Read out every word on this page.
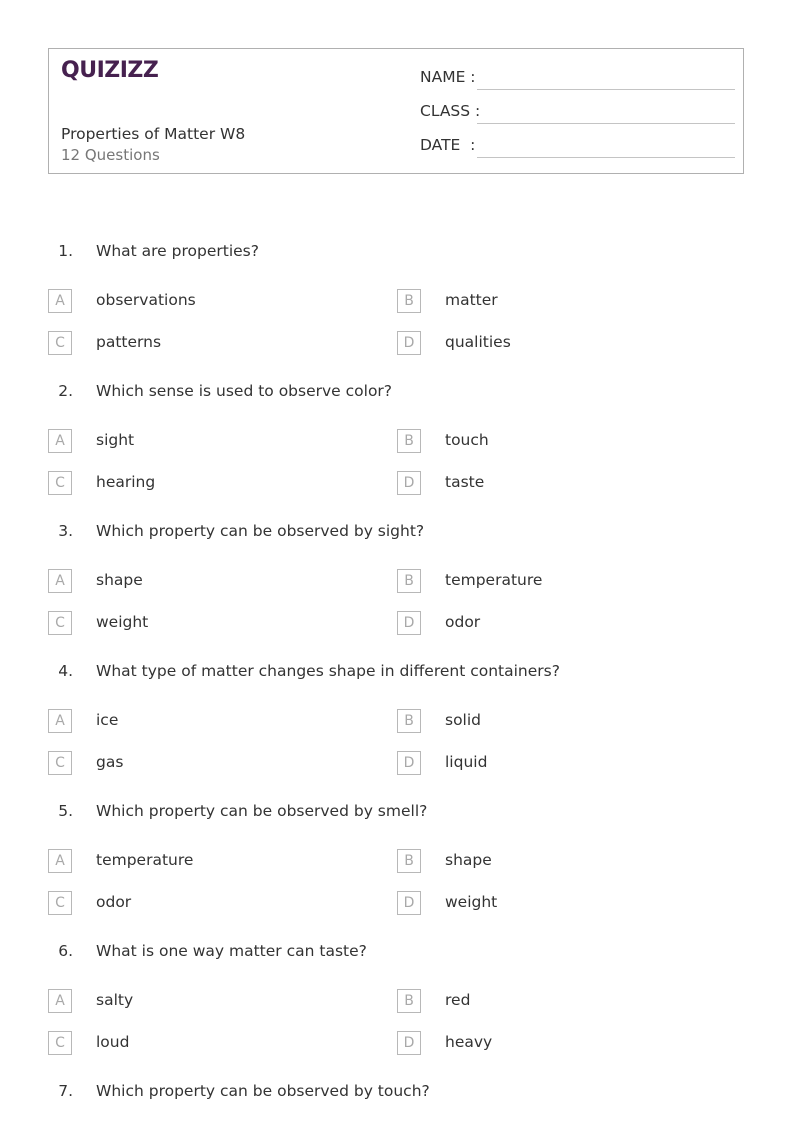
QUIZIZZ
Properties of Matter W8
12 Questions
NAME :
CLASS :
DATE  :
1. What are properties?
A	observations	B	matter
C	patterns	D	qualities
2. Which sense is used to observe color?
A	sight	B	touch
C	hearing	D	taste
3. Which property can be observed by sight?
A	shape	B	temperature
C	weight	D	odor
4. What type of matter changes shape in different containers?
A	ice	B	solid
C	gas	D	liquid
5. Which property can be observed by smell?
A	temperature	B	shape
C	odor	D	weight
6. What is one way matter can taste?
A	salty	B	red
C	loud	D	heavy
7. Which property can be observed by touch?
